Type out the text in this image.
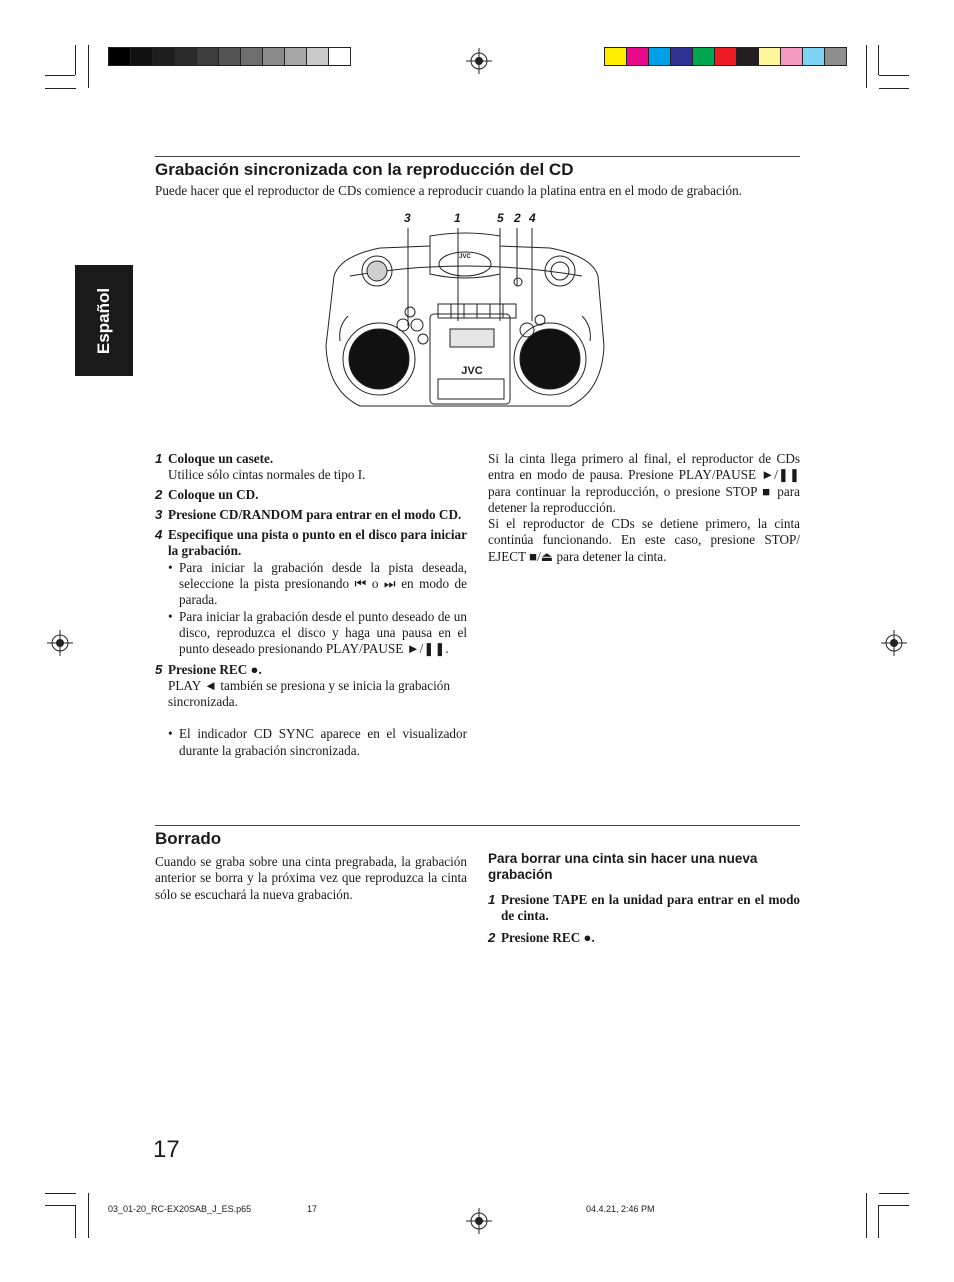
Español
Grabación sincronizada con la reproducción del CD
Puede hacer que el reproductor de CDs comience a reproducir cuando la platina entra en el modo de grabación.
3	1	5 2 4
JVC
JVC
1 Coloque un casete.
Utilice sólo cintas normales de tipo I.
2 Coloque un CD.
3 Presione CD/RANDOM para entrar en el modo CD.
4 Especifique una pista o punto en el disco para iniciar la grabación.
• Para iniciar la grabación desde la pista deseada, seleccione la pista presionando ⏮ o ⏭ en modo de parada.
• Para iniciar la grabación desde el punto deseado de un disco, reproduzca el disco y haga una pausa en el punto deseado presionando PLAY/PAUSE ►/❚❚.
5 Presione REC ●.
PLAY ◄ también se presiona y se inicia la grabación sincronizada.
• El indicador CD SYNC aparece en el visualizador durante la grabación sincronizada.
Si la cinta llega primero al final, el reproductor de CDs entra en modo de pausa. Presione PLAY/PAUSE ►/❚❚ para continuar la reproducción, o presione STOP ■ para detener la reproducción.
Si el reproductor de CDs se detiene primero, la cinta continúa funcionando. En este caso, presione STOP/ EJECT ■/⏏ para detener la cinta.
Borrado
Cuando se graba sobre una cinta pregrabada, la grabación anterior se borra y la próxima vez que reproduzca la cinta sólo se escuchará la nueva grabación.
Para borrar una cinta sin hacer una nueva grabación
1 Presione TAPE en la unidad para entrar en el modo de cinta.
2 Presione REC ●.
17
03_01-20_RC-EX20SAB_J_ES.p65	17	04.4.21, 2:46 PM
